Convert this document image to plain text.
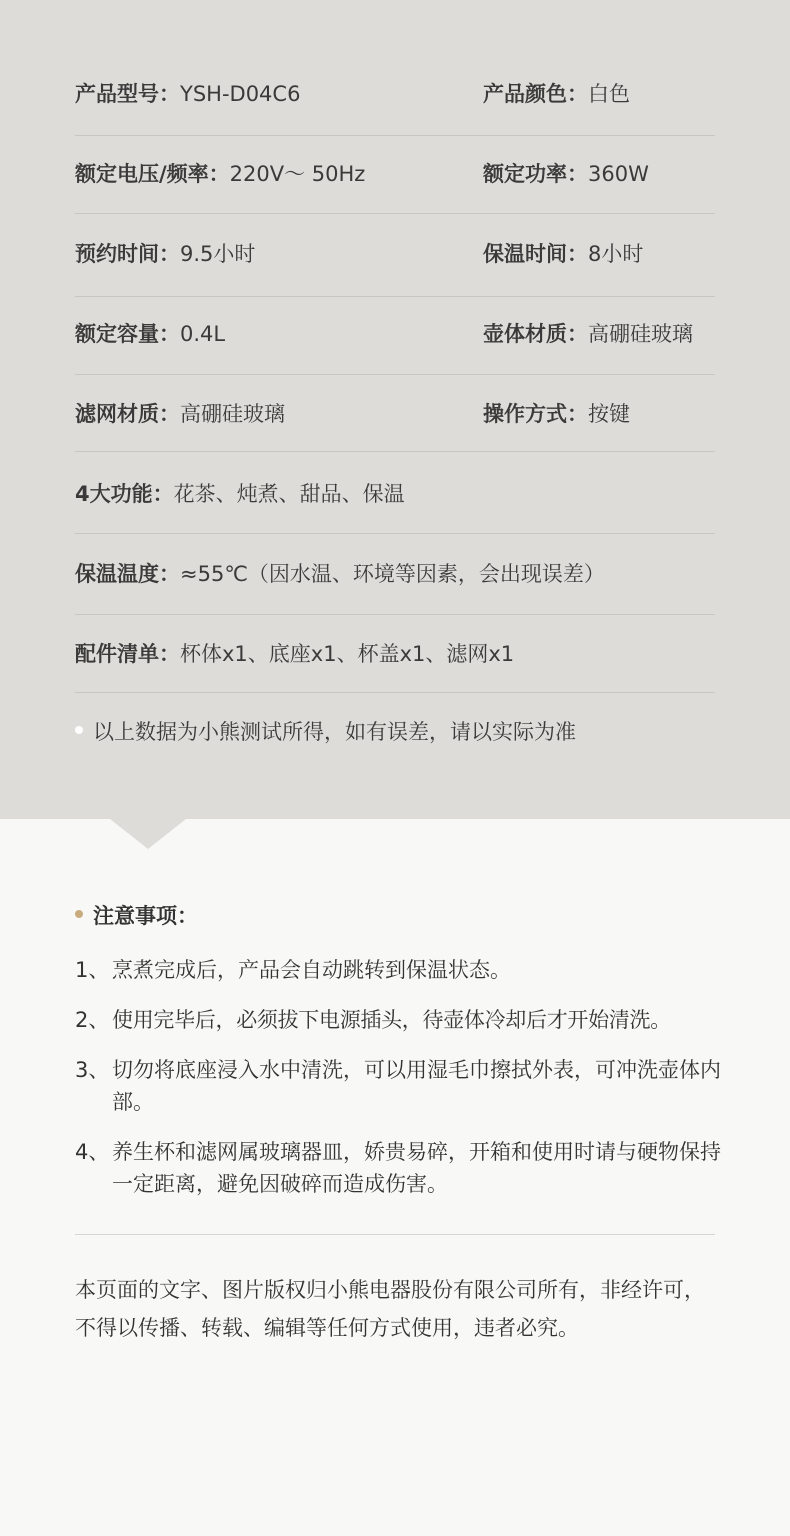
产品型号：YSH-D04C6	产品颜色：白色
额定电压/频率：220V～ 50Hz	额定功率：360W
预约时间：9.5小时	保温时间：8小时
额定容量：0.4L	壶体材质：高硼硅玻璃
滤网材质：高硼硅玻璃	操作方式：按键
4大功能：花茶、炖煮、甜品、保温
保温温度：≈55℃（因水温、环境等因素，会出现误差）
配件清单：杯体x1、底座x1、杯盖x1、滤网x1
以上数据为小熊测试所得，如有误差，请以实际为准
注意事项：
1、 烹煮完成后，产品会自动跳转到保温状态。
2、 使用完毕后，必须拔下电源插头，待壶体冷却后才开始清洗。
3、 切勿将底座浸入水中清洗，可以用湿毛巾擦拭外表，可冲洗壶体内部。
4、 养生杯和滤网属玻璃器皿，娇贵易碎，开箱和使用时请与硬物保持一定距离，避免因破碎而造成伤害。
本页面的文字、图片版权归小熊电器股份有限公司所有，非经许可，不得以传播、转载、编辑等任何方式使用，违者必究。
